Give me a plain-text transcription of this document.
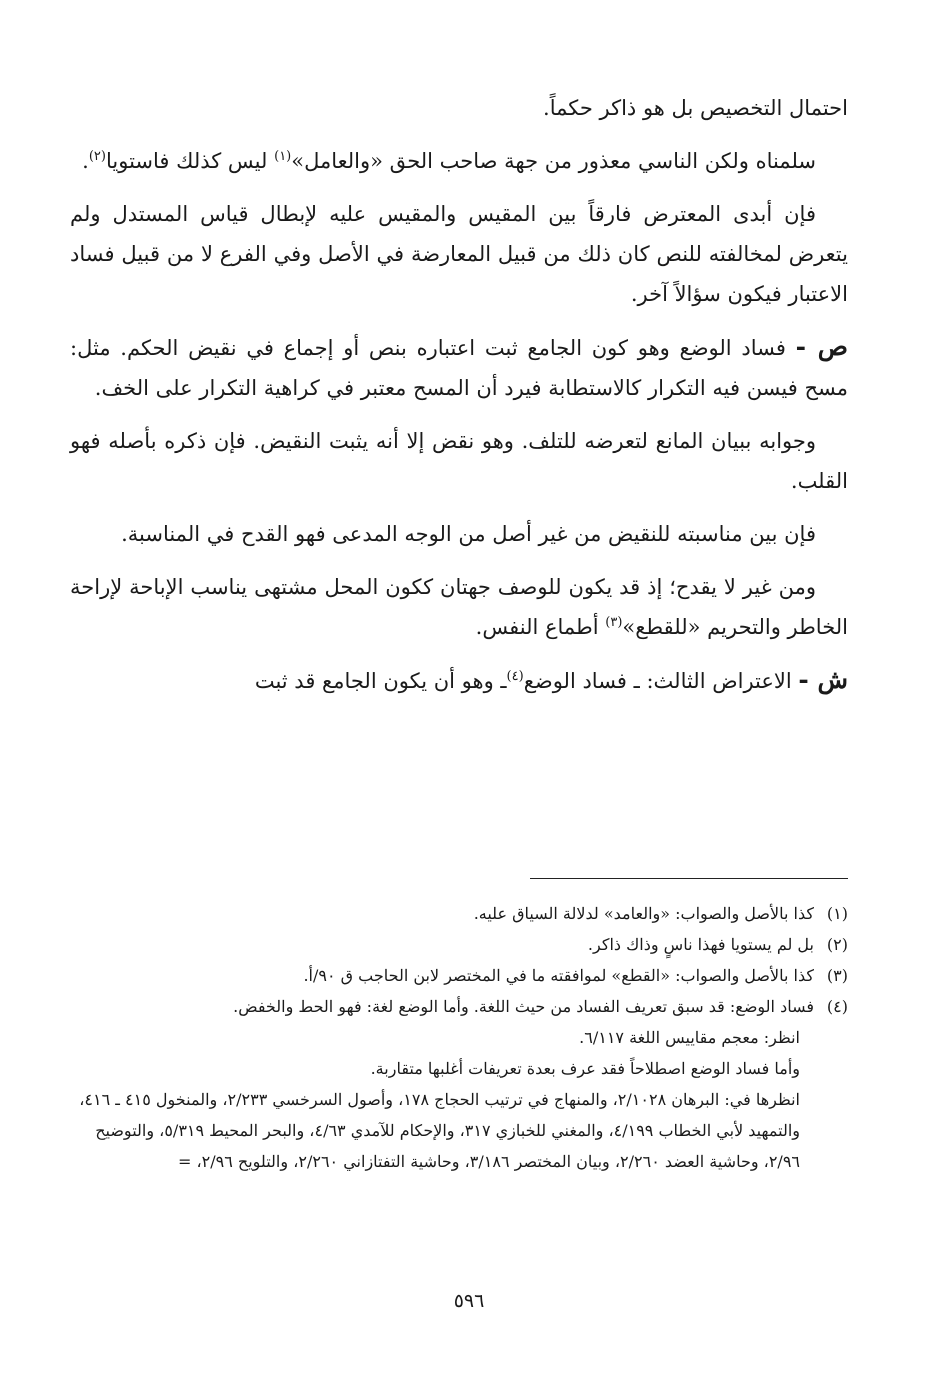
احتمال التخصيص بل هو ذاكر حكماً.

سلمناه ولكن الناسي معذور من جهة صاحب الحق «والعامل»$^{(١)}$ ليس كذلك فاستويا$^{(٢)}$.

فإن أبدى المعترض فارقاً بين المقيس والمقيس عليه لإبطال قياس المستدل ولم يتعرض لمخالفته للنص كان ذلك من قبيل المعارضة في الأصل وفي الفرع لا من قبيل فساد الاعتبار فيكون سؤالاً آخر.

ص - فساد الوضع وهو كون الجامع ثبت اعتباره بنص أو إجماع في نقيض الحكم. مثل: مسح فيسن فيه التكرار كالاستطابة فيرد أن المسح معتبر في كراهية التكرار على الخف.

وجوابه ببيان المانع لتعرضه للتلف. وهو نقض إلا أنه يثبت النقيض. فإن ذكره بأصله فهو القلب.

فإن بين مناسبته للنقيض من غير أصل من الوجه المدعى فهو القدح في المناسبة.

ومن غير لا يقدح؛ إذ قد يكون للوصف جهتان ككون المحل مشتهى يناسب الإباحة لإراحة الخاطر والتحريم «للقطع»$^{(٣)}$ أطماع النفس.

ش - الاعتراض الثالث: ـ فساد الوضع$^{(٤)}$ـ وهو أن يكون الجامع قد ثبت

(١)

كذا بالأصل والصواب: «والعامد» لدلالة السياق عليه.

(٢)

بل لم يستويا فهذا ناسٍ وذاك ذاكر.

(٣)

كذا بالأصل والصواب: «القطع» لموافقته ما في المختصر لابن الحاجب ق ٩٠/أ.

(٤)

فساد الوضع: قد سبق تعريف الفساد من حيث اللغة. وأما الوضع لغة: فهو الحط والخفض.

انظر: معجم مقاييس اللغة ٦/١١٧.

وأما فساد الوضع اصطلاحاً فقد عرف بعدة تعريفات أغلبها متقاربة.

انظرها في: البرهان ٢/١٠٢٨، والمنهاج في ترتيب الحجاج ١٧٨، وأصول السرخسي ٢/٢٣٣، والمنخول ٤١٥ ـ ٤١٦، والتمهيد لأبي الخطاب ٤/١٩٩، والمغني للخبازي ٣١٧، والإحكام للآمدي ٤/٦٣، والبحر المحيط ٥/٣١٩، والتوضيح ٢/٩٦، وحاشية العضد ٢/٢٦٠، وبيان المختصر ٣/١٨٦، وحاشية التفتازاني ٢/٢٦٠، والتلويح ٢/٩٦، =

٥٩٦
